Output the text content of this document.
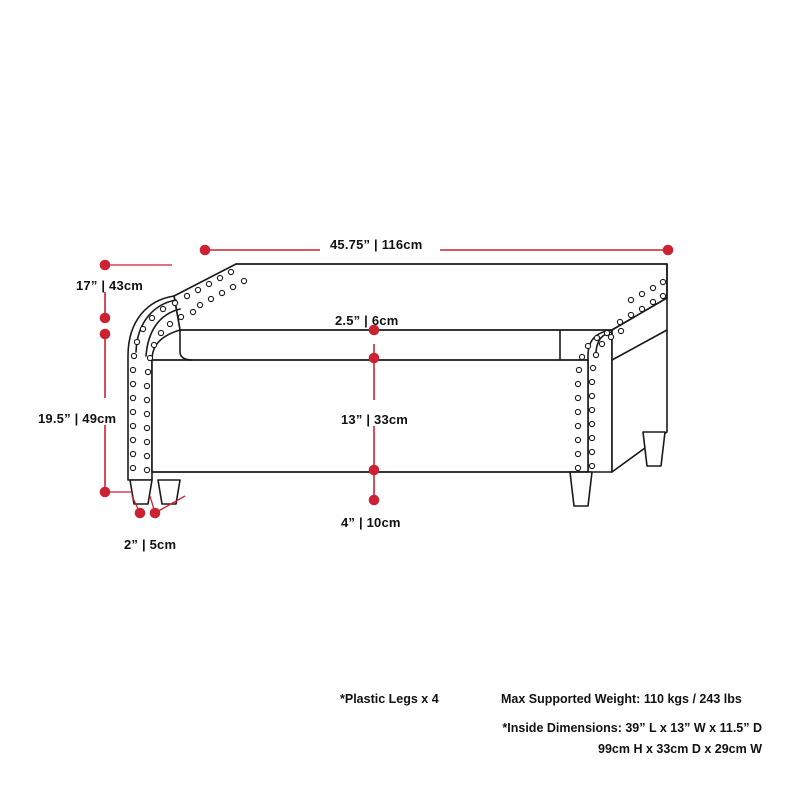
45.75” | 116cm
17” | 43cm
19.5” | 49cm
2.5” | 6cm
13” | 33cm
4” | 10cm
2” | 5cm
*Plastic Legs x 4	Max Supported Weight: 110 kgs / 243 lbs
*Inside Dimensions: 39” L x 13” W x 11.5” D
99cm H x 33cm D x 29cm W
